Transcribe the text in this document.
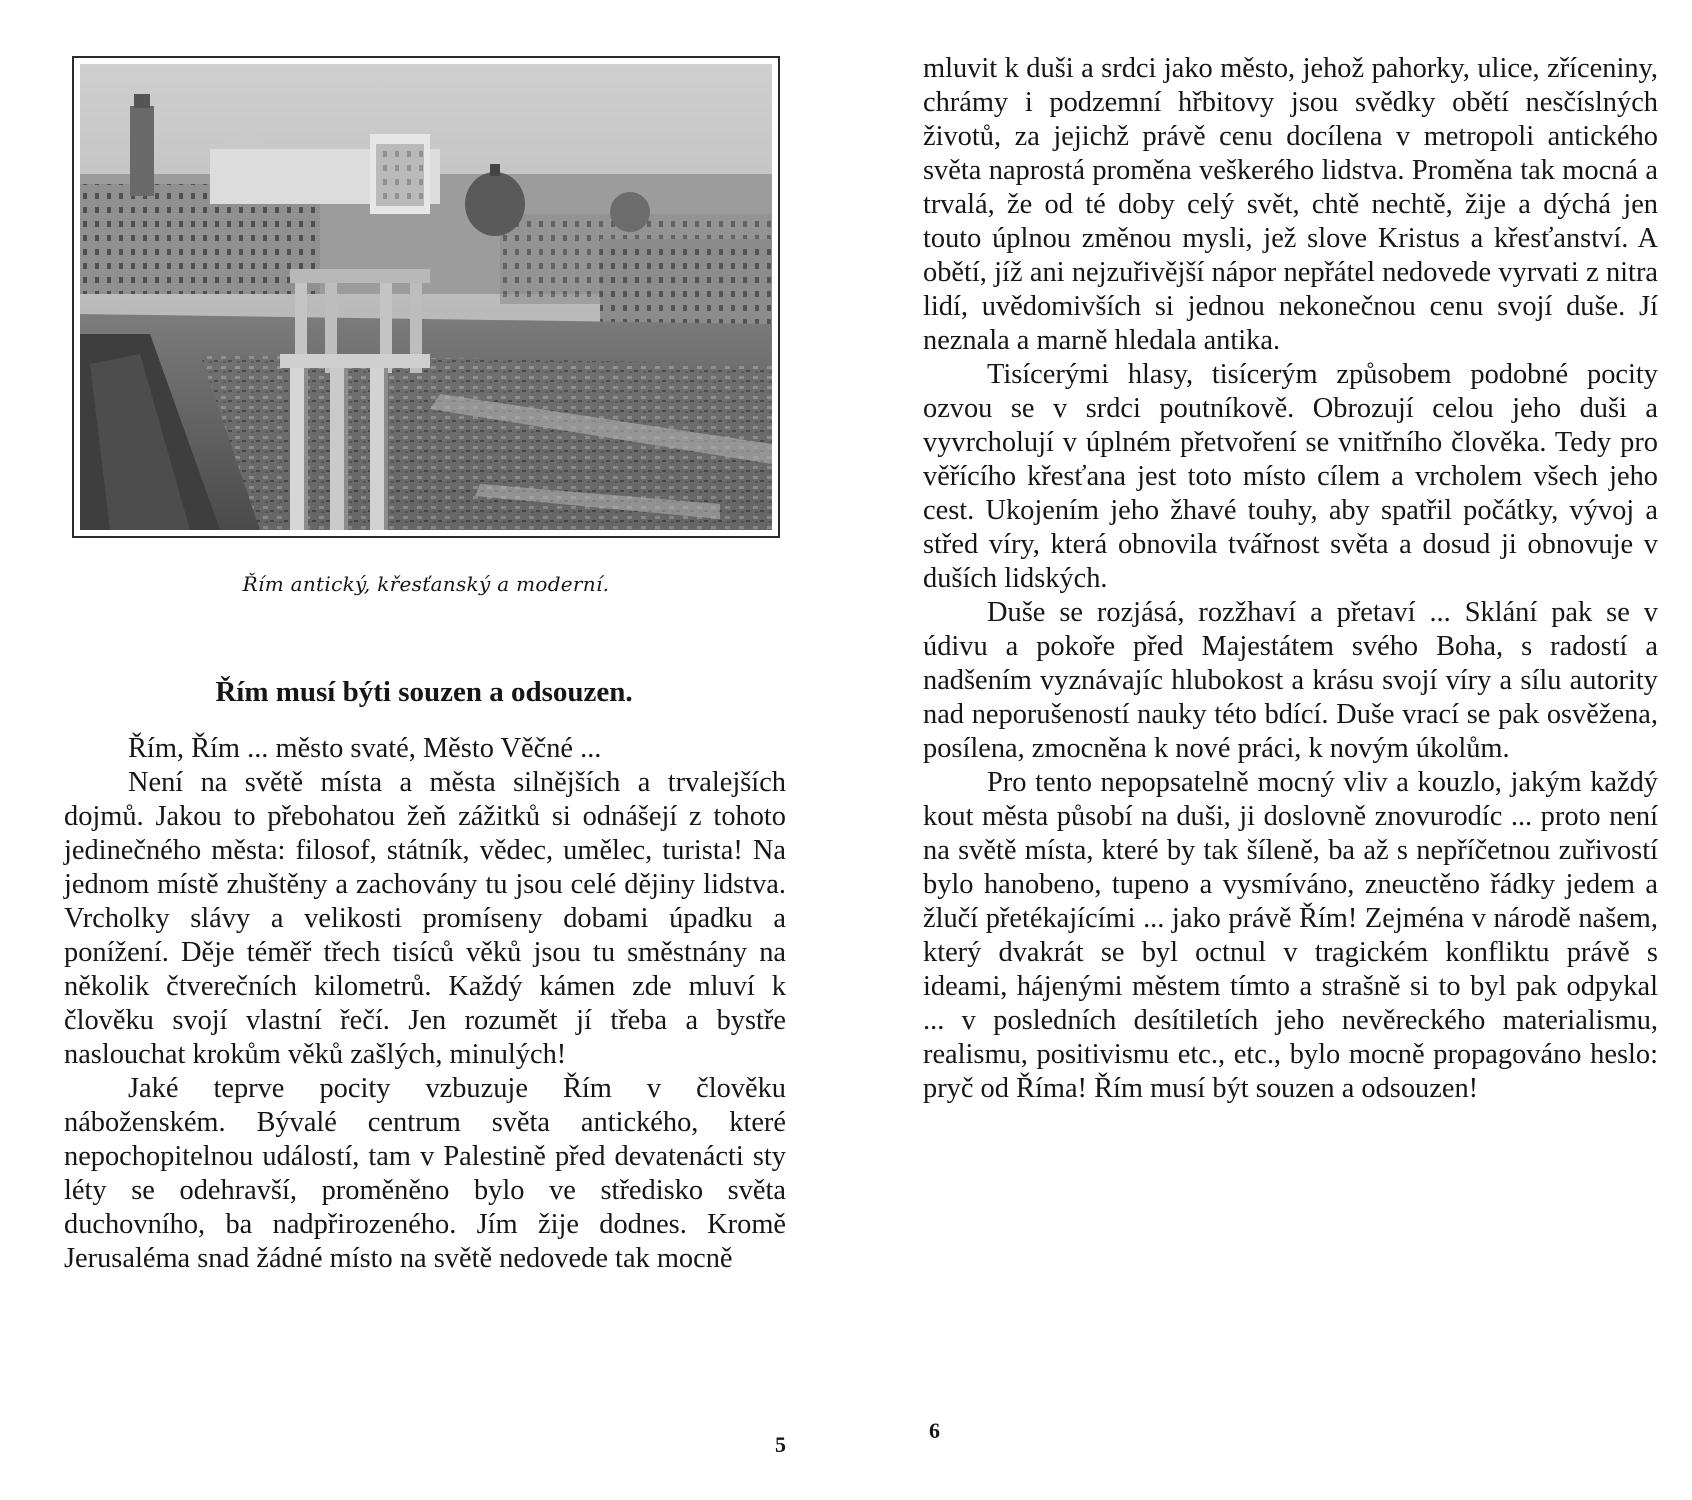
Řím antický, křesťanský a moderní.
Řím musí býti souzen a odsouzen.

Řím, Řím ... město svaté, Město Věčné ...

Není na světě místa a města silnějších a trvalejších dojmů. Jakou to přebohatou žeň zážitků si odnášejí z tohoto jedinečného města: filosof, státník, vědec, umělec, turista! Na jednom místě zhuštěny a zachovány tu jsou celé dějiny lidstva. Vrcholky slávy a velikosti promíseny dobami úpadku a ponížení. Děje téměř třech tisíců věků jsou tu směstnány na několik čtverečních kilometrů. Každý kámen zde mluví k člověku svojí vlastní řečí. Jen rozumět jí třeba a bystře naslouchat krokům věků zašlých, minulých!

Jaké teprve pocity vzbuzuje Řím v člověku náboženském. Bývalé centrum světa antického, které nepochopitelnou událostí, tam v Palestině před devatenácti sty léty se odehravší, proměněno bylo ve středisko světa duchovního, ba nadpřirozeného. Jím žije dodnes. Kromě Jerusaléma snad žádné místo na světě nedovede tak mocně

5

mluvit k duši a srdci jako město, jehož pahorky, ulice, zříceniny, chrámy i podzemní hřbitovy jsou svědky obětí nesčíslných životů, za jejichž právě cenu docílena v metropoli antického světa naprostá proměna veškerého lidstva. Proměna tak mocná a trvalá, že od té doby celý svět, chtě nechtě, žije a dýchá jen touto úplnou změnou mysli, jež slove Kristus a křesťanství. A obětí, jíž ani nejzuřivější nápor nepřátel nedovede vyrvati z nitra lidí, uvědomivších si jednou nekonečnou cenu svojí duše. Jí neznala a marně hledala antika.

Tisícerými hlasy, tisícerým způsobem podobné pocity ozvou se v srdci poutníkově. Obrozují celou jeho duši a vyvrcholují v úplném přetvoření se vnitřního člověka. Tedy pro věřícího křesťana jest toto místo cílem a vrcholem všech jeho cest. Ukojením jeho žhavé touhy, aby spatřil počátky, vývoj a střed víry, která obnovila tvářnost světa a dosud ji obnovuje v duších lidských.

Duše se rozjásá, rozžhaví a přetaví ... Sklání pak se v údivu a pokoře před Majestátem svého Boha, s radostí a nadšením vyznávajíc hlubokost a krásu svojí víry a sílu autority nad neporušeností nauky této bdící. Duše vrací se pak osvěžena, posílena, zmocněna k nové práci, k novým úkolům.

Pro tento nepopsatelně mocný vliv a kouzlo, jakým každý kout města působí na duši, ji doslovně znovurodíc ... proto není na světě místa, které by tak šíleně, ba až s nepříčetnou zuřivostí bylo hanobeno, tupeno a vysmíváno, zneuctěno řádky jedem a žlučí přetékajícími ... jako právě Řím! Zejména v národě našem, který dvakrát se byl octnul v tragickém konfliktu právě s ideami, hájenými městem tímto a strašně si to byl pak odpykal ... v posledních desítiletích jeho nevěreckého materialismu, realismu, positivismu etc., etc., bylo mocně propagováno heslo: pryč od Říma! Řím musí být souzen a odsouzen!

6
